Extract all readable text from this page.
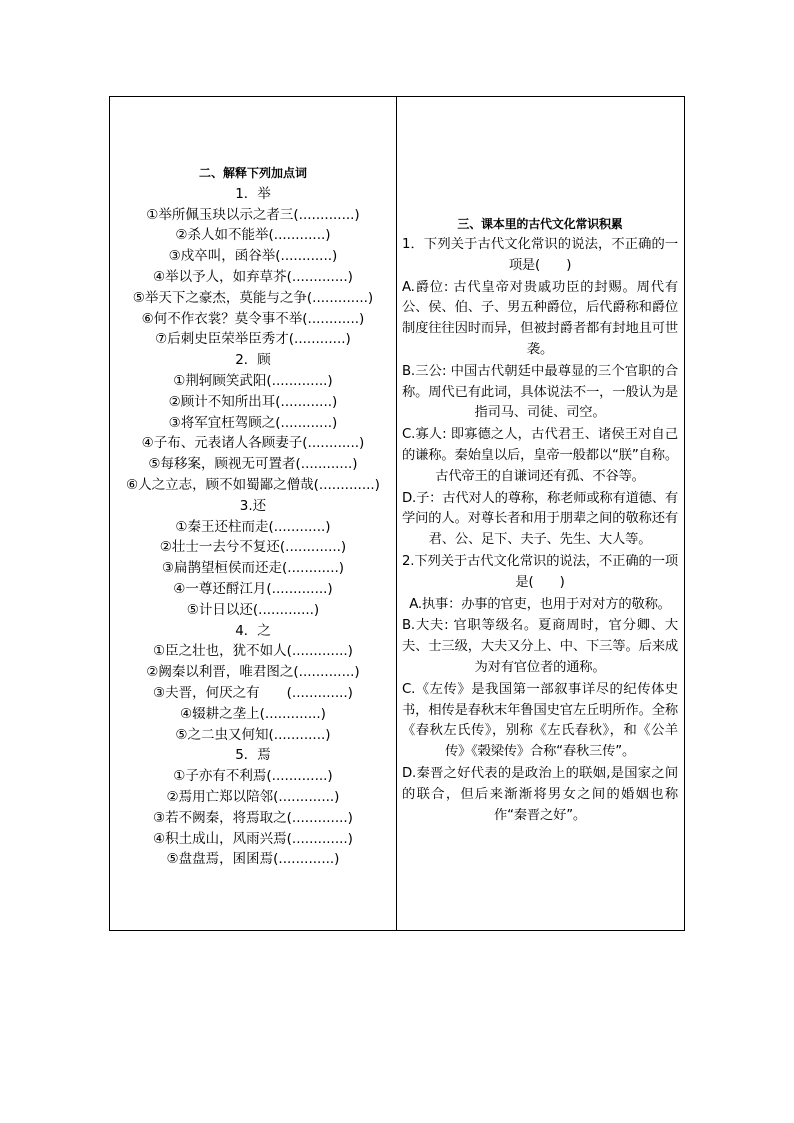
二、解释下列加点词
1．举
①举所佩玉玦以示之者三(.............)
②杀人如不能举(............)
③戍卒叫，函谷举(............)
④举以予人，如弃草芥(.............)
⑤举天下之豪杰，莫能与之争(.............)
⑥何不作衣裳？莫令事不举(............)
⑦后刺史臣荣举臣秀才(............)
2．顾
①荆轲顾笑武阳(.............)
②顾计不知所出耳(............)
③将军宜枉驾顾之(............)
④子布、元表诸人各顾妻子(............)
⑤每移案，顾视无可置者(............)
⑥人之立志，顾不如蜀鄙之僧哉(.............)
3.还
①秦王还柱而走(............)
②壮士一去兮不复还(.............)
③扁鹊望桓侯而还走(............)
④一尊还酹江月(.............)
⑤计日以还(.............)
4．之
①臣之壮也，犹不如人(.............)
②阙秦以利晋，唯君图之(.............)
③夫晋，何厌之有　　(.............)
④辍耕之垄上(.............)
⑤之二虫又何知(............)
5．焉
①子亦有不利焉(.............)
②焉用亡郑以陪邻(.............)
③若不阙秦，将焉取之(.............)
④积土成山，风雨兴焉(.............)
⑤盘盘焉，囷囷焉(.............)
三、课本里的古代文化常识积累
1．下列关于古代文化常识的说法，不正确的一项是(　　)
A.爵位: 古代皇帝对贵戚功臣的封赐。周代有公、侯、伯、子、男五种爵位，后代爵称和爵位制度往往因时而异，但被封爵者都有封地且可世袭。
B.三公: 中国古代朝廷中最尊显的三个官职的合称。周代已有此词，具体说法不一，一般认为是指司马、司徒、司空。
C.寡人: 即寡德之人，古代君王、诸侯王对自己的谦称。秦始皇以后，皇帝一般都以“朕”自称。古代帝王的自谦词还有孤、不谷等。
D.子：古代对人的尊称，称老师或称有道德、有学问的人。对尊长者和用于朋辈之间的敬称还有君、公、足下、夫子、先生、大人等。
2.下列关于古代文化常识的说法，不正确的一项是(　　)
A.执事：办事的官吏，也用于对对方的敬称。
B.大夫: 官职等级名。夏商周时，官分卿、大夫、士三级，大夫又分上、中、下三等。后来成为对有官位者的通称。
C.《左传》是我国第一部叙事详尽的纪传体史书，相传是春秋末年鲁国史官左丘明所作。全称《春秋左氏传》，别称《左氏春秋》，和《公羊传》《榖梁传》合称“春秋三传”。
D.秦晋之好代表的是政治上的联姻,是国家之间的联合，但后来渐渐将男女之间的婚姻也称作“秦晋之好”。
